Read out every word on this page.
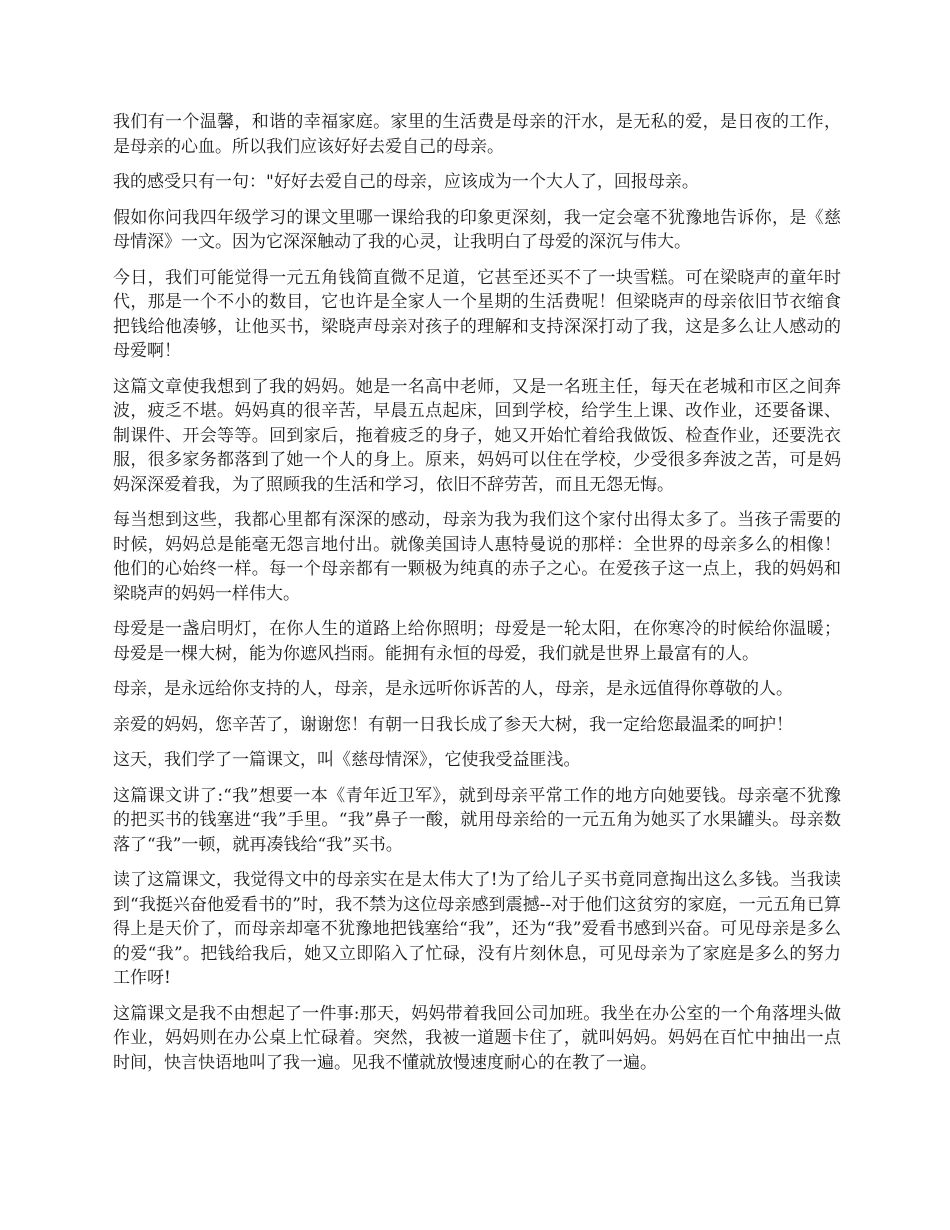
我们有一个温馨，和谐的幸福家庭。家里的生活费是母亲的汗水，是无私的爱，是日夜的工作，是母亲的心血。所以我们应该好好去爱自己的母亲。

我的感受只有一句："好好去爱自己的母亲，应该成为一个大人了，回报母亲。

假如你问我四年级学习的课文里哪一课给我的印象更深刻，我一定会毫不犹豫地告诉你，是《慈母情深》一文。因为它深深触动了我的心灵，让我明白了母爱的深沉与伟大。

今日，我们可能觉得一元五角钱简直微不足道，它甚至还买不了一块雪糕。可在梁晓声的童年时代，那是一个不小的数目，它也许是全家人一个星期的生活费呢！但梁晓声的母亲依旧节衣缩食把钱给他凑够，让他买书，梁晓声母亲对孩子的理解和支持深深打动了我，这是多么让人感动的母爱啊！

这篇文章使我想到了我的妈妈。她是一名高中老师，又是一名班主任，每天在老城和市区之间奔波，疲乏不堪。妈妈真的很辛苦，早晨五点起床，回到学校，给学生上课、改作业，还要备课、制课件、开会等等。回到家后，拖着疲乏的身子，她又开始忙着给我做饭、检查作业，还要洗衣服，很多家务都落到了她一个人的身上。原来，妈妈可以住在学校，少受很多奔波之苦，可是妈妈深深爱着我，为了照顾我的生活和学习，依旧不辞劳苦，而且无怨无悔。

每当想到这些，我都心里都有深深的感动，母亲为我为我们这个家付出得太多了。当孩子需要的时候，妈妈总是能毫无怨言地付出。就像美国诗人惠特曼说的那样：全世界的母亲多么的相像！他们的心始终一样。每一个母亲都有一颗极为纯真的赤子之心。在爱孩子这一点上，我的妈妈和梁晓声的妈妈一样伟大。

母爱是一盏启明灯，在你人生的道路上给你照明；母爱是一轮太阳，在你寒冷的时候给你温暖；母爱是一棵大树，能为你遮风挡雨。能拥有永恒的母爱，我们就是世界上最富有的人。

母亲，是永远给你支持的人，母亲，是永远听你诉苦的人，母亲，是永远值得你尊敬的人。

亲爱的妈妈，您辛苦了，谢谢您！有朝一日我长成了参天大树，我一定给您最温柔的呵护！

这天，我们学了一篇课文，叫《慈母情深》，它使我受益匪浅。

这篇课文讲了:“我”想要一本《青年近卫军》，就到母亲平常工作的地方向她要钱。母亲毫不犹豫的把买书的钱塞进“我”手里。“我”鼻子一酸，就用母亲给的一元五角为她买了水果罐头。母亲数落了“我”一顿，就再凑钱给“我”买书。

读了这篇课文，我觉得文中的母亲实在是太伟大了!为了给儿子买书竟同意掏出这么多钱。当我读到“我挺兴奋他爱看书的”时，我不禁为这位母亲感到震撼--对于他们这贫穷的家庭，一元五角已算得上是天价了，而母亲却毫不犹豫地把钱塞给“我”，还为“我”爱看书感到兴奋。可见母亲是多么的爱“我”。把钱给我后，她又立即陷入了忙碌，没有片刻休息，可见母亲为了家庭是多么的努力工作呀!

这篇课文是我不由想起了一件事:那天，妈妈带着我回公司加班。我坐在办公室的一个角落埋头做作业，妈妈则在办公桌上忙碌着。突然，我被一道题卡住了，就叫妈妈。妈妈在百忙中抽出一点时间，快言快语地叫了我一遍。见我不懂就放慢速度耐心的在教了一遍。
